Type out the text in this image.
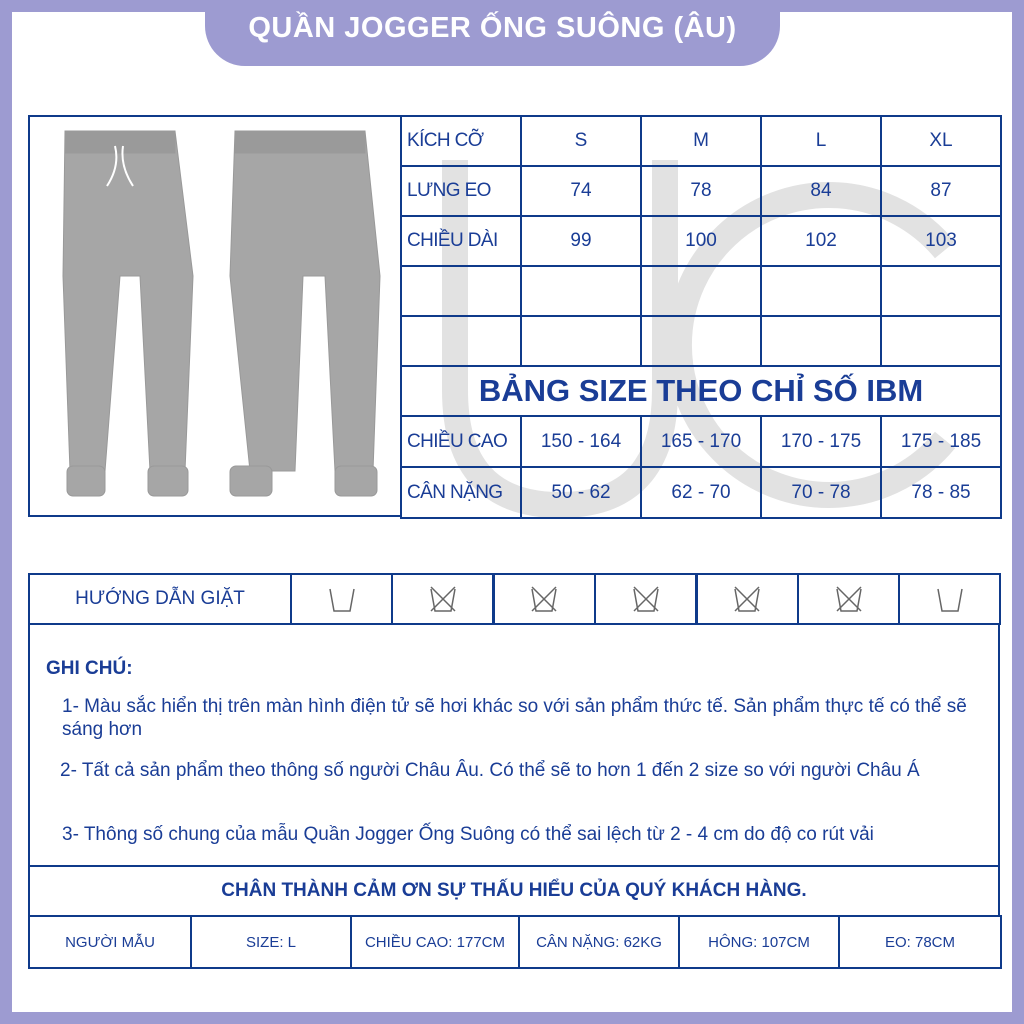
QUẦN JOGGER ỐNG SUÔNG (ÂU)
KÍCH CỠ	S	M	L	XL
LƯNG EO	74	78	84	87
CHIỀU DÀI	99	100	102	103
BẢNG SIZE THEO CHỈ SỐ IBM
CHIỀU CAO	150 - 164	165 - 170	170 - 175	175 - 185
CÂN NẶNG	50 - 62	62 - 70	70 - 78	78 - 85
HƯỚNG DẪN GIẶT
NGƯỜI MẪU	SIZE: L	CHIỀU CAO: 177CM	CÂN NẶNG: 62KG	HÔNG: 107CM	EO: 78CM

GHI CHÚ:

1- Màu sắc hiển thị trên màn hình điện tử sẽ hơi khác so với sản phẩm thức tế. Sản phẩm thực tế có thể sẽ sáng hơn

2- Tất cả sản phẩm theo thông số người Châu Âu. Có thể sẽ to hơn 1 đến 2 size so với người Châu Á

3- Thông số chung của mẫu Quần Jogger Ống Suông có thể sai lệch từ 2 - 4 cm do độ co rút vải

CHÂN THÀNH CẢM ƠN SỰ THẤU HIỂU CỦA QUÝ KHÁCH HÀNG.
